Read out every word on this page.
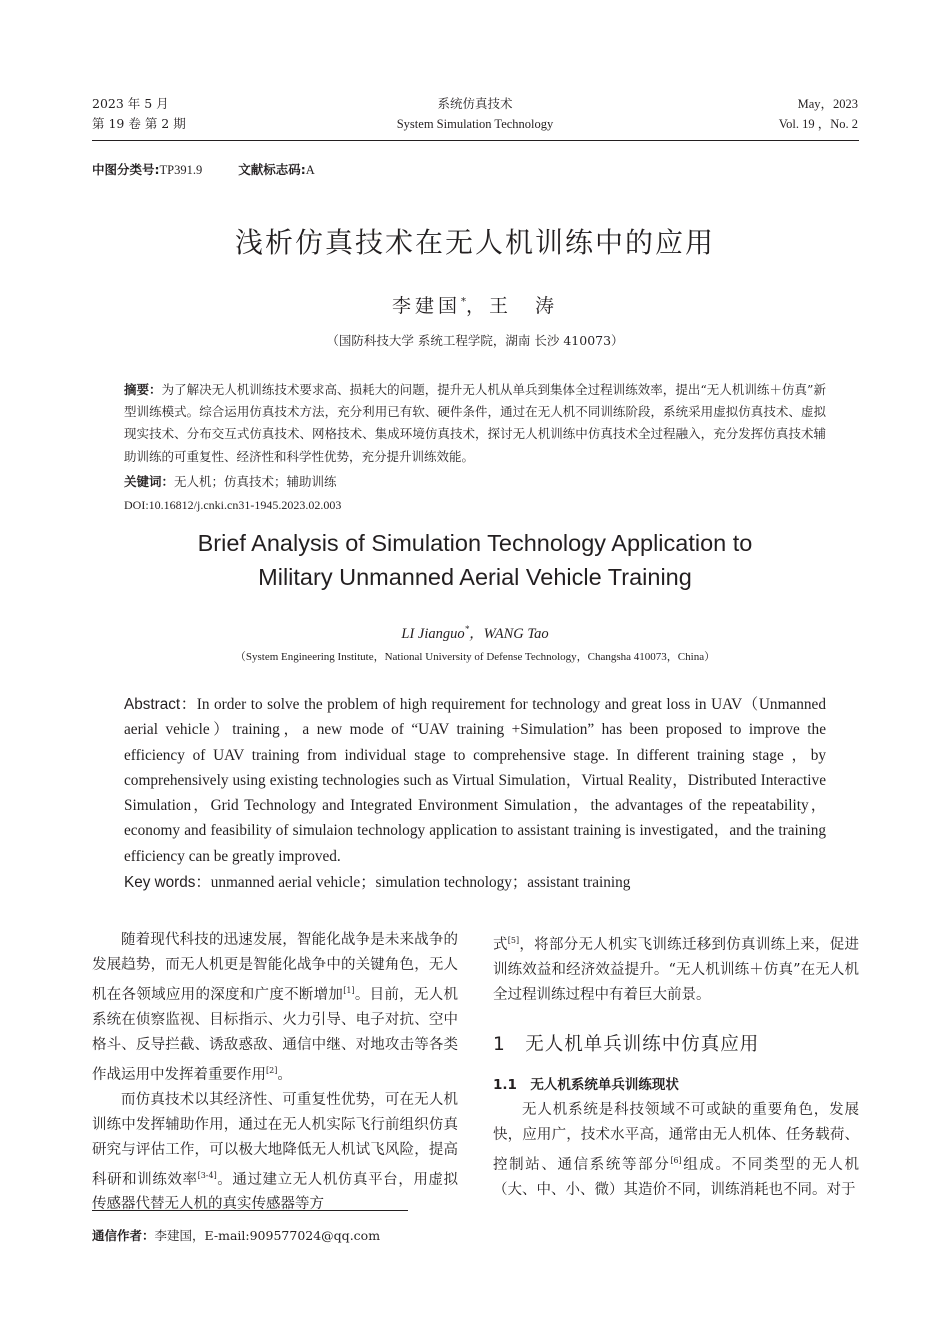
2023 年 5 月
第 19 卷 第 2 期
系统仿真技术
System Simulation Technology
May，2023
Vol. 19 ，No. 2
中图分类号:TP391.9	文献标志码:A
浅析仿真技术在无人机训练中的应用
李建国*，王　涛
（国防科技大学 系统工程学院，湖南 长沙 410073）
摘要：为了解决无人机训练技术要求高、损耗大的问题，提升无人机从单兵到集体全过程训练效率，提出“无人机训练＋仿真”新型训练模式。综合运用仿真技术方法，充分利用已有软、硬件条件，通过在无人机不同训练阶段，系统采用虚拟仿真技术、虚拟现实技术、分布交互式仿真技术、网格技术、集成环境仿真技术，探讨无人机训练中仿真技术全过程融入，充分发挥仿真技术辅助训练的可重复性、经济性和科学性优势，充分提升训练效能。
关键词：无人机；仿真技术；辅助训练
DOI:10.16812/j.cnki.cn31-1945.2023.02.003
Brief Analysis of Simulation Technology Application to
Military Unmanned Aerial Vehicle Training
LI Jianguo*，WANG Tao
（System Engineering Institute，National University of Defense Technology，Changsha 410073，China）
Abstract：In order to solve the problem of high requirement for technology and great loss in UAV（Unmanned aerial vehicle）training，a new mode of “UAV training +Simulation” has been proposed to improve the efficiency of UAV training from individual stage to comprehensive stage. In different training stage ，by comprehensively using existing technologies such as Virtual Simulation，Virtual Reality，Distributed Interactive Simulation，Grid Technology and Integrated Environment Simulation，the advantages of the repeatability，economy and feasibility of simulaion technology application to assistant training is investigated，and the training efficiency can be greatly improved.
Key words：unmanned aerial vehicle；simulation technology；assistant training

随着现代科技的迅速发展，智能化战争是未来战争的发展趋势，而无人机更是智能化战争中的关键角色，无人机在各领域应用的深度和广度不断增加[1]。目前，无人机系统在侦察监视、目标指示、火力引导、电子对抗、空中格斗、反导拦截、诱敌惑敌、通信中继、对地攻击等各类作战运用中发挥着重要作用[2]。

而仿真技术以其经济性、可重复性优势，可在无人机训练中发挥辅助作用，通过在无人机实际飞行前组织仿真研究与评估工作，可以极大地降低无人机试飞风险，提高科研和训练效率[3-4]。通过建立无人机仿真平台，用虚拟传感器代替无人机的真实传感器等方

式[5]，将部分无人机实飞训练迁移到仿真训练上来，促进训练效益和经济效益提升。“无人机训练＋仿真”在无人机全过程训练过程中有着巨大前景。

1　无人机单兵训练中仿真应用
1.1　无人机系统单兵训练现状

无人机系统是科技领域不可或缺的重要角色，发展快，应用广，技术水平高，通常由无人机体、任务载荷、控制站、通信系统等部分[6]组成。不同类型的无人机（大、中、小、微）其造价不同，训练消耗也不同。对于

通信作者：李建国，E-mail:909577024@qq.com
